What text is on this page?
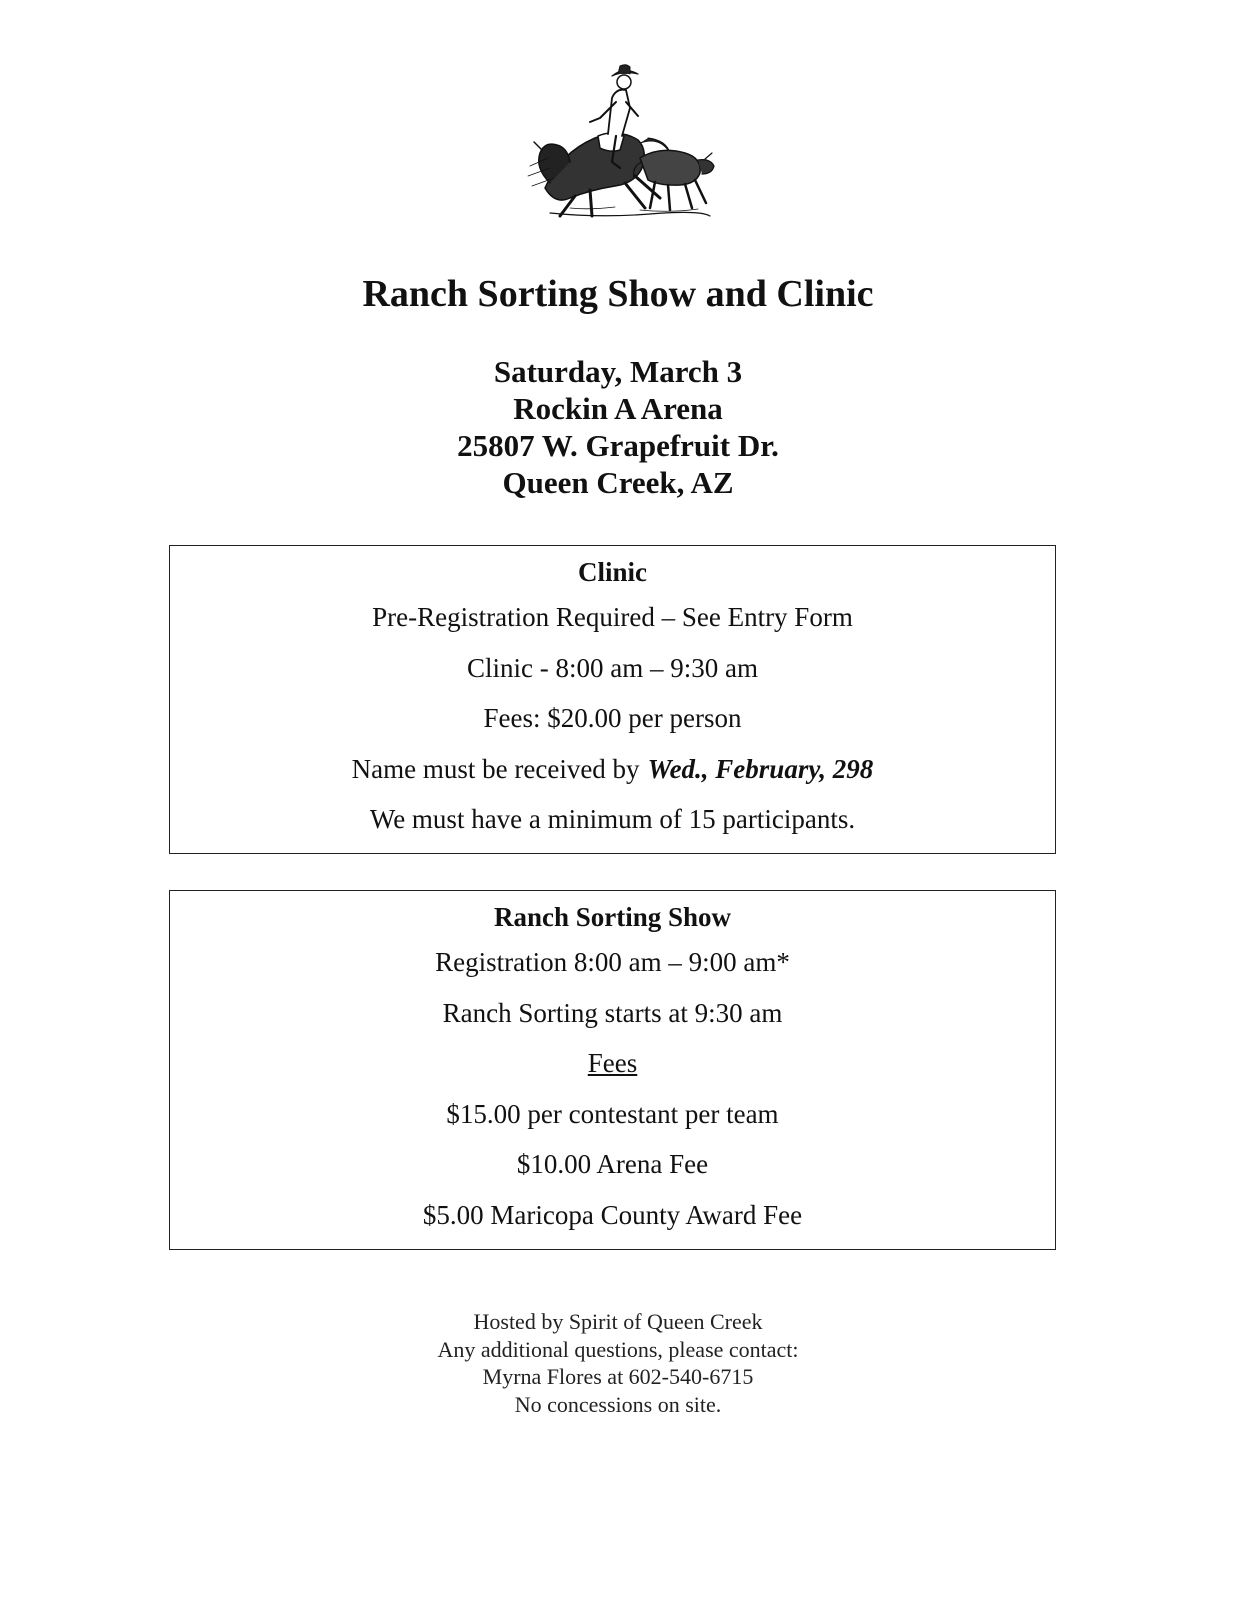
Ranch Sorting Show and Clinic
Saturday, March 3
Rockin A Arena
25807 W. Grapefruit Dr.
Queen Creek, AZ
Clinic
Pre-Registration Required – See Entry Form
Clinic - 8:00 am – 9:30 am
Fees: $20.00 per person
Name must be received by Wed., February, 298
We must have a minimum of 15 participants.
Ranch Sorting Show
Registration 8:00 am – 9:00 am*
Ranch Sorting starts at 9:30 am
Fees
$15.00 per contestant per team
$10.00 Arena Fee
$5.00 Maricopa County Award Fee
Hosted by Spirit of Queen Creek
Any additional questions, please contact:
Myrna Flores at 602-540-6715
No concessions on site.
